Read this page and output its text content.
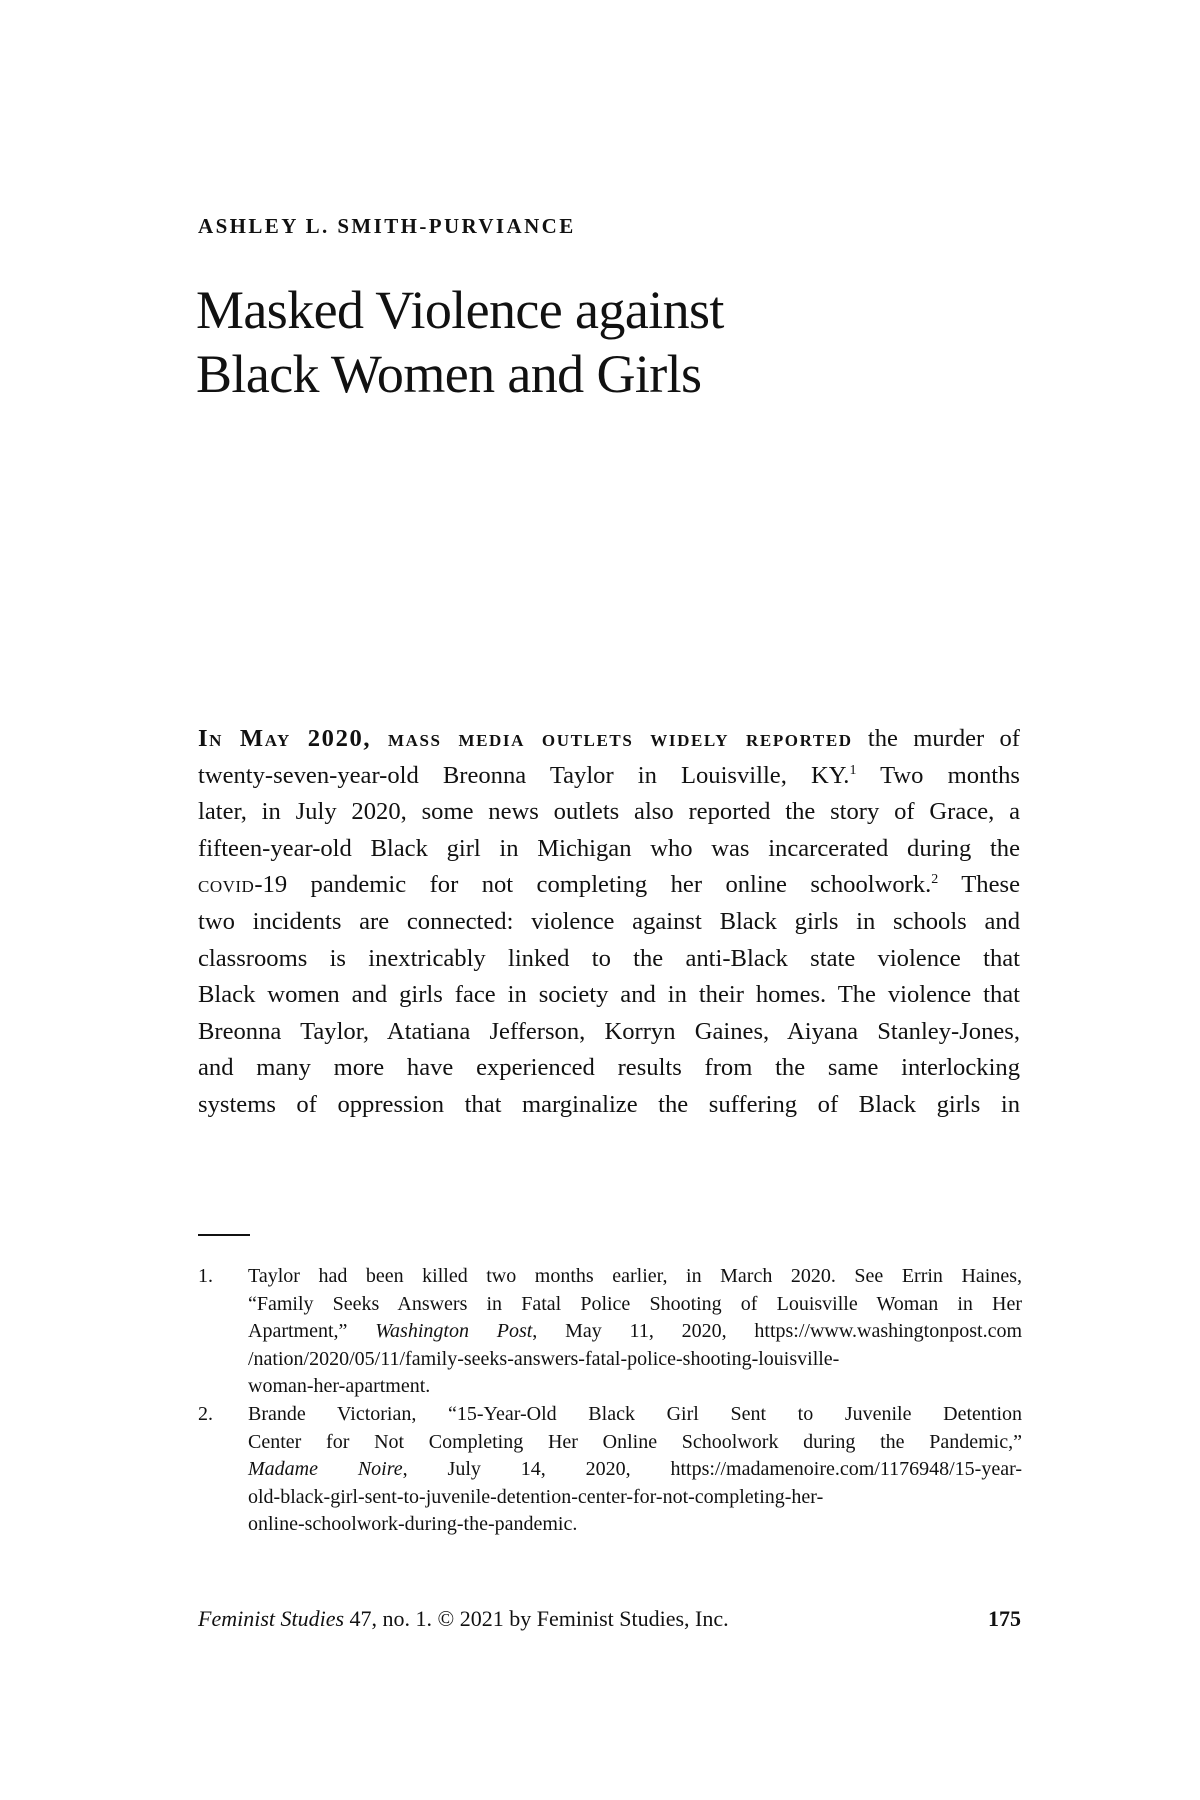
ASHLEY L. SMITH-PURVIANCE
Masked Violence against
Black Women and Girls
In May 2020, mass media outlets widely reported the murder of
twenty-seven-year-old Breonna Taylor in Louisville, KY.$^1$ Two months
later, in July 2020, some news outlets also reported the story of Grace, a
fifteen-year-old Black girl in Michigan who was incarcerated during the
covid-19 pandemic for not completing her online schoolwork.$^2$ These
two incidents are connected: violence against Black girls in schools and
classrooms is inextricably linked to the anti-Black state violence that
Black women and girls face in society and in their homes. The violence that
Breonna Taylor, Atatiana Jefferson, Korryn Gaines, Aiyana Stanley-Jones,
and many more have experienced results from the same interlocking
systems of oppression that marginalize the suffering of Black girls in
1. Taylor had been killed two months earlier, in March 2020. See Errin Haines,
“Family Seeks Answers in Fatal Police Shooting of Louisville Woman in Her
Apartment,” Washington Post, May 11, 2020, https://www.washingtonpost.com
/nation/2020/05/11/family-seeks-answers-fatal-police-shooting-louisville-
woman-her-apartment.
2. Brande Victorian, “15-Year-Old Black Girl Sent to Juvenile Detention
Center for Not Completing Her Online Schoolwork during the Pandemic,”
Madame Noire, July 14, 2020, https://madamenoire.com/1176948/15-year-
old-black-girl-sent-to-juvenile-detention-center-for-not-completing-her-
online-schoolwork-during-the-pandemic.
Feminist Studies 47, no. 1. © 2021 by Feminist Studies, Inc.	175
